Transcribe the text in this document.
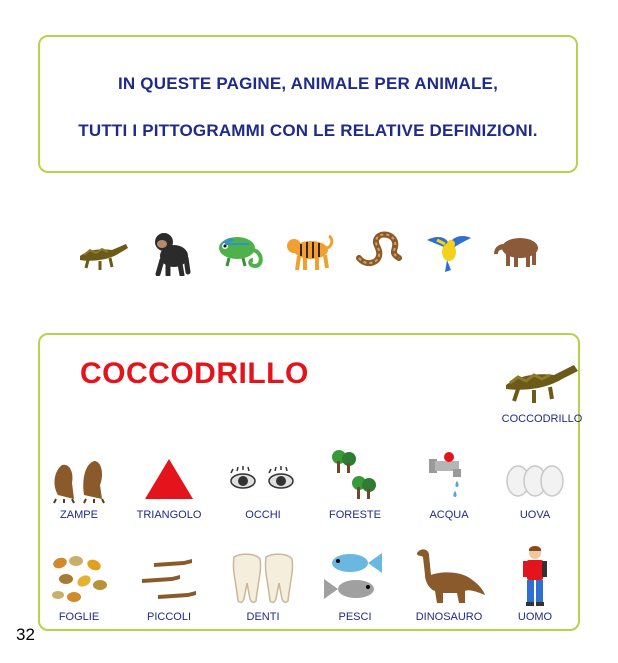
IN QUESTE PAGINE, ANIMALE PER ANIMALE,
TUTTI I PITTOGRAMMI CON LE RELATIVE DEFINIZIONI.
COCCODRILLO
COCCODRILLO
ZAMPE	TRIANGOLO	OCCHI	FORESTE	ACQUA	UOVA
FOGLIE	PICCOLI	DENTI	PESCI	DINOSAURO	UOMO
32
